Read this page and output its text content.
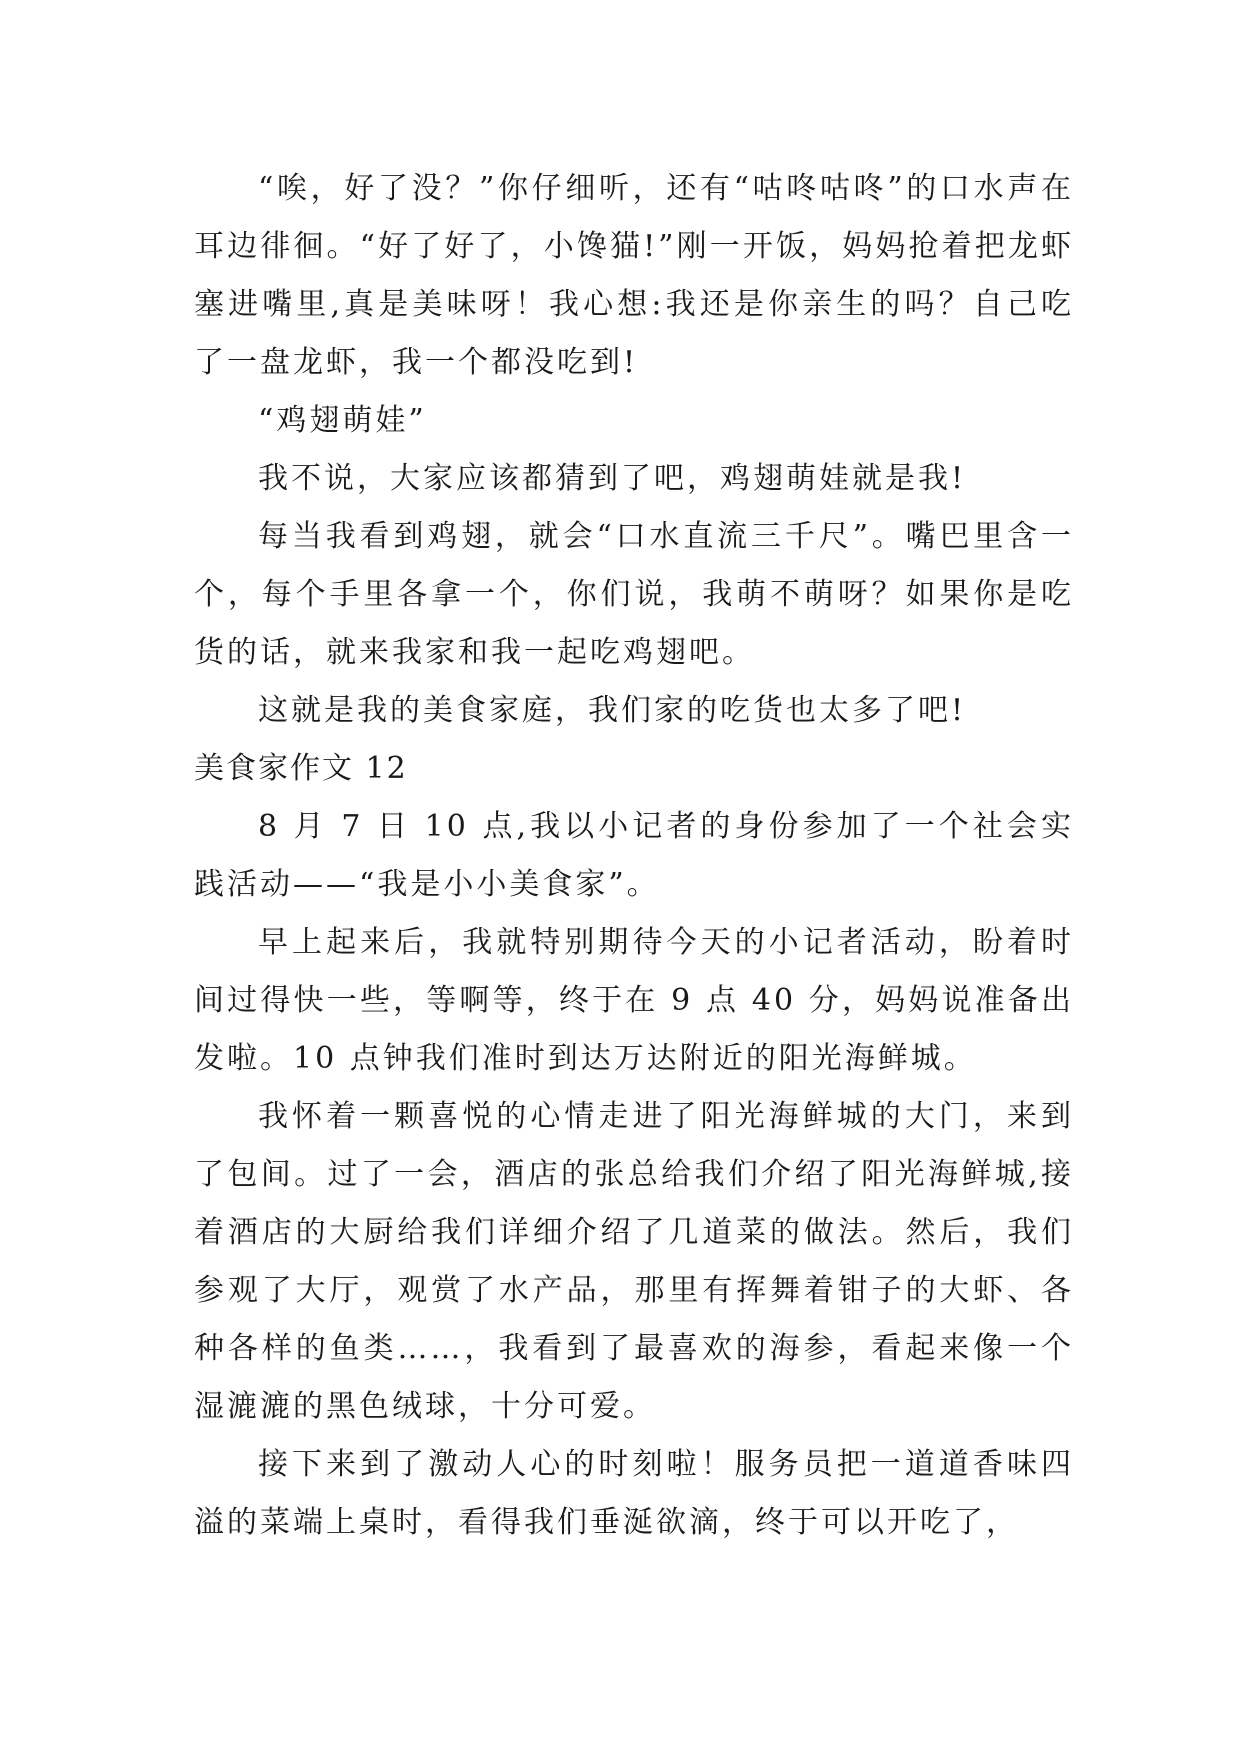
“唉，好了没？”你仔细听，还有“咕咚咕咚”的口水声在耳边徘徊。“好了好了，小馋猫!”刚一开饭，妈妈抢着把龙虾塞进嘴里,真是美味呀！我心想:我还是你亲生的吗？自己吃了一盘龙虾，我一个都没吃到!

“鸡翅萌娃”

我不说，大家应该都猜到了吧，鸡翅萌娃就是我!

每当我看到鸡翅，就会“口水直流三千尺”。嘴巴里含一个，每个手里各拿一个，你们说，我萌不萌呀？如果你是吃货的话，就来我家和我一起吃鸡翅吧。

这就是我的美食家庭，我们家的吃货也太多了吧!

美食家作文 12

8 月 7 日 10 点,我以小记者的身份参加了一个社会实践活动——“我是小小美食家”。

早上起来后，我就特别期待今天的小记者活动，盼着时间过得快一些，等啊等，终于在 9 点 40 分，妈妈说准备出发啦。10 点钟我们准时到达万达附近的阳光海鲜城。

我怀着一颗喜悦的心情走进了阳光海鲜城的大门，来到了包间。过了一会，酒店的张总给我们介绍了阳光海鲜城,接着酒店的大厨给我们详细介绍了几道菜的做法。然后，我们参观了大厅，观赏了水产品，那里有挥舞着钳子的大虾、各种各样的鱼类……，我看到了最喜欢的海参，看起来像一个湿漉漉的黑色绒球，十分可爱。

接下来到了激动人心的时刻啦！服务员把一道道香味四溢的菜端上桌时，看得我们垂涎欲滴，终于可以开吃了，
